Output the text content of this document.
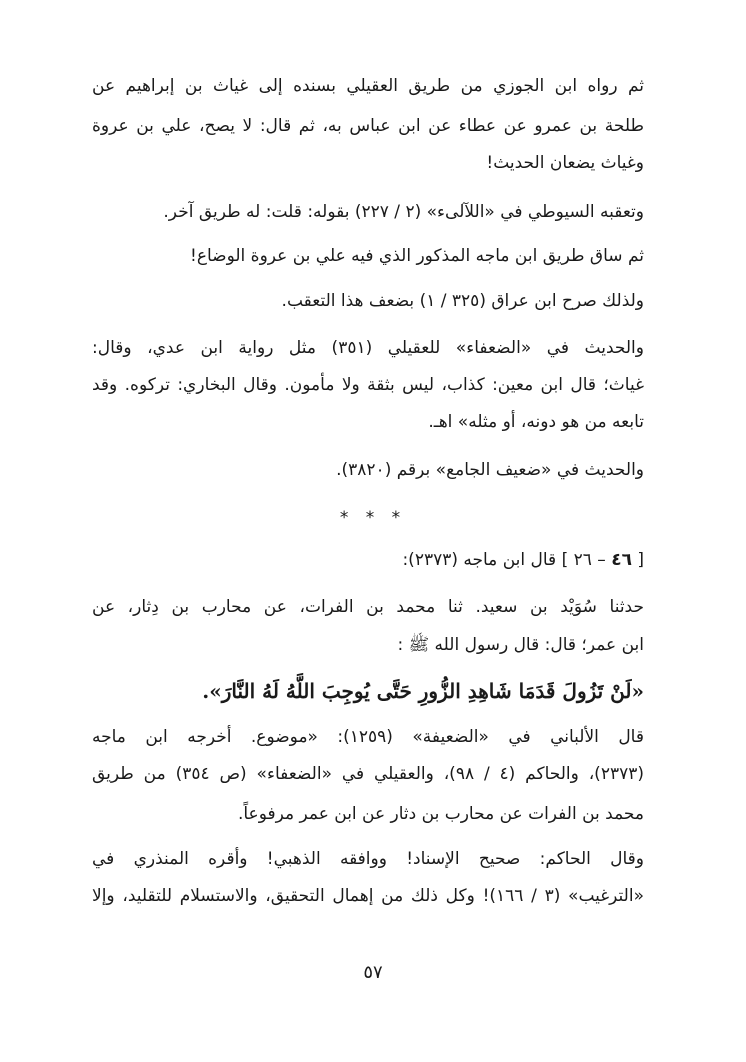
ثم رواه ابن الجوزي من طريق العقيلي بسنده إلى غياث بن إبراهيم عن
طلحة بن عمرو عن عطاء عن ابن عباس به، ثم قال: لا يصح، علي بن عروة
وغياث يضعان الحديث!
وتعقبه السيوطي في «اللآلىء» (٢ / ٢٢٧) بقوله: قلت: له طريق آخر.
ثم ساق طريق ابن ماجه المذكور الذي فيه علي بن عروة الوضاع!
ولذلك صرح ابن عراق (٣٢٥ / ١) بضعف هذا التعقب.
والحديث في «الضعفاء» للعقيلي (٣٥١) مثل رواية ابن عدي، وقال:
غياث؛ قال ابن معين: كذاب، ليس بثقة ولا مأمون. وقال البخاري: تركوه. وقد
تابعه من هو دونه، أو مثله» اهـ.
والحديث في «ضعيف الجامع» برقم (٣٨٢٠).
* * *
[ ٤٦ – ٢٦ ] قال ابن ماجه (٢٣٧٣):
حدثنا سُوَيْد بن سعيد. ثنا محمد بن الفرات، عن محارب بن دِثار، عن
ابن عمر؛ قال: قال رسول الله ﷺ :
«لَنْ تَزُولَ قَدَمَا شَاهِدِ الزُّورِ حَتَّى يُوجِبَ اللَّهُ لَهُ النَّارَ».
قال الألباني في «الضعيفة» (١٢٥٩): «موضوع. أخرجه ابن ماجه
(٢٣٧٣)، والحاكم (٤ / ٩٨)، والعقيلي في «الضعفاء» (ص ٣٥٤) من طريق
محمد بن الفرات عن محارب بن دثار عن ابن عمر مرفوعاً.
وقال الحاكم: صحيح الإسناد! ووافقه الذهبي! وأقره المنذري في
«الترغيب» (٣ / ١٦٦)! وكل ذلك من إهمال التحقيق، والاستسلام للتقليد، وإلا
٥٧
